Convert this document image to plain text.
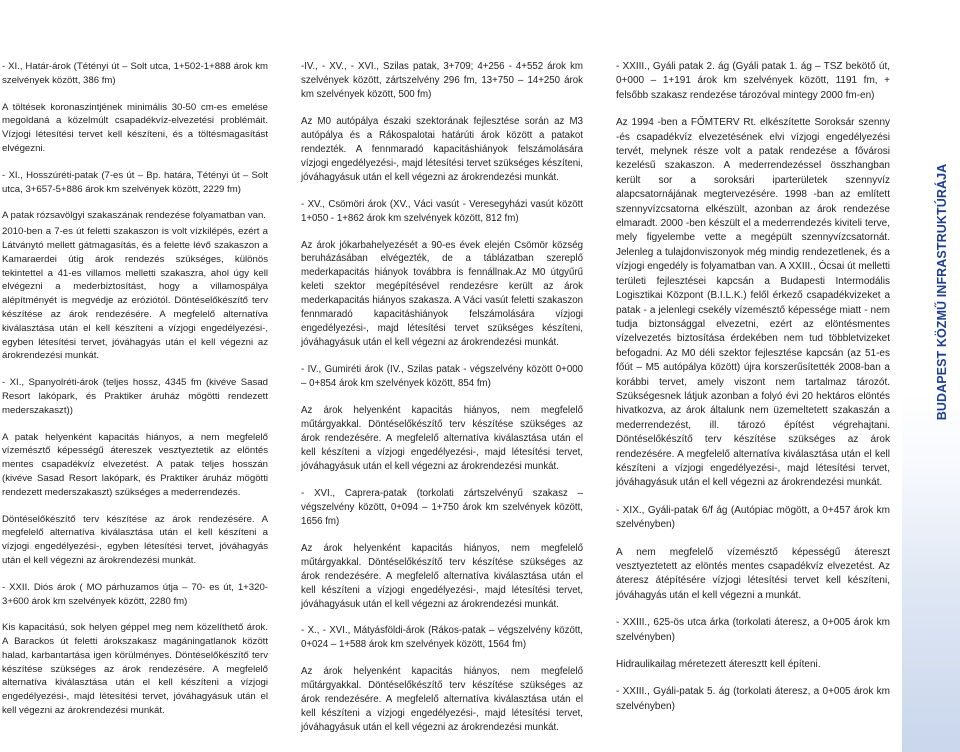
BUDAPEST KÖZMŰ INFRASTRUKTÚRÁJA

- XI., Határ-árok (Tétényi út – Solt utca, 1+502-1+888 árok km szelvények között, 386 fm)

A töltések koronaszintjének minimális 30-50 cm-es emelése megoldaná a közelmúlt csapadékvíz-elvezetési problémáit. Vízjogi létesítési tervet kell készíteni, és a töltésmagasítást elvégezni.

- XI., Hosszúréti-patak (7-es út – Bp. határa, Tétényi út – Solt utca, 3+657-5+886 árok km szelvények között, 2229 fm)

A patak rózsavölgyi szakaszának rendezése folyamatban van.

2010-ben a 7-es út feletti szakaszon is volt vízkilépés, ezért a Látványtó mellett gátmagasítás, és a felette lévő szakaszon a Kamaraerdei útig árok rendezés szükséges, különös tekintettel a 41-es villamos melletti szakaszra, ahol úgy kell elvégezni a mederbiztosítást, hogy a villamospálya alépítményét is megvédje az eróziótól. Döntéselőkészítő terv készítése az árok rendezésére. A megfelelő alternatíva kiválasztása után el kell készíteni a vízjogi engedélyezési-, egyben létesítési tervet, jóváhagyás után el kell végezni az árokrendezési munkát.

- XI., Spanyolréti-árok (teljes hossz, 4345 fm (kivéve Sasad Resort lakópark, és Praktiker áruház mögötti rendezett mederszakaszt))

A patak helyenként kapacitás hiányos, a nem megfelelő vízemésztő képességű átereszek vesztyeztetik az elöntés mentes csapadékvíz elvezetést. A patak teljes hosszán (kivéve Sasad Resort lakópark, és Praktiker áruház mögötti rendezett mederszakaszt) szükséges a mederrendezés.

Döntéselőkészítő terv készítése az árok rendezésére. A megfelelő alternatíva kiválasztása után el kell készíteni a vízjogi engedélyezési-, egyben létesítési tervet, jóváhagyás után el kell végezni az árokrendezési munkát.

- XXII. Diós árok ( MO párhuzamos útja – 70- es út, 1+320-3+600 árok km szelvények között, 2280 fm)

Kis kapacitású, sok helyen géppel meg nem közelíthető árok. A Barackos út feletti árokszakasz magáningatlanok között halad, karbantartása igen körülményes. Döntéselőkészítő terv készítése szükséges az árok rendezésére. A megfelelő alternatíva kiválasztása után el kell készíteni a vízjogi engedélyezési-, majd létesítési tervet, jóváhagyásuk után el kell végezni az árokrendezési munkát.

-IV., - XV., - XVI., Szilas patak, 3+709; 4+256 - 4+552 árok km szelvények között, zártszelvény 296 fm, 13+750 – 14+250 árok km szelvények között, 500 fm)

Az M0 autópálya északi szektorának fejlesztése során az M3 autópálya és a Rákospalotai határúti árok között a patakot rendezték. A fennmaradó kapacitáshiányok felszámolására vízjogi engedélyezési-, majd létesítési tervet szükséges készíteni, jóváhagyásuk után el kell végezni az árokrendezési munkát.

- XV., Csömöri árok (XV., Váci vasút - Veresegyházi vasút között 1+050 - 1+862 árok km szelvények között, 812 fm)

Az árok jókarbahelyezését a 90-es évek elején Csömör község beruházásában elvégezték, de a táblázatban szereplő mederkapacitás hiányok továbbra is fennállnak.Az M0 útgyűrű keleti szektor megépítésével rendezésre került az árok mederkapacitás hiányos szakasza. A Váci vasút feletti szakaszon fennmaradó kapacitáshiányok felszámolására vízjogi engedélyezési-, majd létesítési tervet szükséges készíteni, jóváhagyásuk után el kell végezni az árokrendezési munkát.

- IV., Gumiréti árok (IV., Szilas patak - végszelvény között 0+000 – 0+854 árok km szelvények között, 854 fm)

Az árok helyenként kapacitás hiányos, nem megfelelő műtárgyakkal. Döntéselőkészítő terv készítése szükséges az árok rendezésére. A megfelelő alternatíva kiválasztása után el kell készíteni a vízjogi engedélyezési-, majd létesítési tervet, jóváhagyásuk után el kell végezni az árokrendezési munkát.

- XVI., Caprera-patak (torkolati zártszelvényű szakasz – végszelvény között, 0+094 – 1+750 árok km szelvények között, 1656 fm)

Az árok helyenként kapacitás hiányos, nem megfelelő műtárgyakkal. Döntéselőkészítő terv készítése szükséges az árok rendezésére. A megfelelő alternatíva kiválasztása után el kell készíteni a vízjogi engedélyezési-, majd létesítési tervet, jóváhagyásuk után el kell végezni az árokrendezési munkát.

- X., - XVI., Mátyásföldi-árok (Rákos-patak – végszelvény között, 0+024 – 1+588 árok km szelvények között, 1564 fm)

Az árok helyenként kapacitás hiányos, nem megfelelő műtárgyakkal. Döntéselőkészítő terv készítése szükséges az árok rendezésére. A megfelelő alternatíva kiválasztása után el kell készíteni a vízjogi engedélyezési-, majd létesítési tervet, jóváhagyásuk után el kell végezni az árokrendezési munkát.

- XXIII., Gyáli patak 2. ág (Gyáli patak 1. ág – TSZ bekötő út, 0+000 – 1+191 árok km szelvények között, 1191 fm, + felsőbb szakasz rendezése tározóval mintegy 2000 fm-en)

Az 1994 -ben a FŐMTERV Rt. elkészítette Soroksár szenny -és csapadékvíz elvezetésének elvi vízjogi engedélyezési tervét, melynek része volt a patak rendezése a fővárosi kezelésű szakaszon. A mederrendezéssel összhangban került sor a soroksári iparterületek szennyvíz alapcsatornájának megtervezésére. 1998 -ban az említett szennyvízcsatorna elkészült, azonban az árok rendezése elmaradt. 2000 -ben készült el a mederrendezés kiviteli terve, mely figyelembe vette a megépült szennyvízcsatornát. Jelenleg a tulajdonviszonyok még mindig rendezetlenek, és a vízjogi engedély is folyamatban van. A XXIII., Ócsai út melletti területi fejlesztései kapcsán a Budapesti Intermodális Logisztikai Központ (B.I.L.K.) felől érkező csapadékvizeket a patak - a jelenlegi csekély vízemésztő képessége miatt - nem tudja biztonsággal elvezetni, ezért az elöntésmentes vízelvezetés biztosítása érdekében nem tud többletvizeket befogadni. Az M0 déli szektor fejlesztése kapcsán (az 51-es főút – M5 autópálya között) újra korszerűsítették 2008-ban a korábbi tervet, amely viszont nem tartalmaz tározót. Szükségesnek látjuk azonban a folyó évi 20 hektáros elöntés hivatkozva, az árok általunk nem üzemeltetett szakaszán a mederrendezést, ill. tározó építést végrehajtani. Döntéselőkészítő terv készítése szükséges az árok rendezésére. A megfelelő alternatíva kiválasztása után el kell készíteni a vízjogi engedélyezési-, majd létesítési tervet, jóváhagyásuk után el kell végezni az árokrendezési munkát.

- XIX., Gyáli-patak 6/f ág (Autópiac mögött, a 0+457 árok km szelvényben)

A nem megfelelő vízemésztő képességű átereszt vesztyeztetett az elöntés mentes csapadékvíz elvezetést. Az áteresz átépítésére vízjogi létesítési tervet kell készíteni, jóváhagyás után el kell végezni a munkát.

- XXIII., 625-ös utca árka (torkolati áteresz, a 0+005 árok km szelvényben)

Hidraulikailag méretezett áteresztt kell építeni.

- XXIII., Gyáli-patak 5. ág (torkolati áteresz, a 0+005 árok km szelvényben)
